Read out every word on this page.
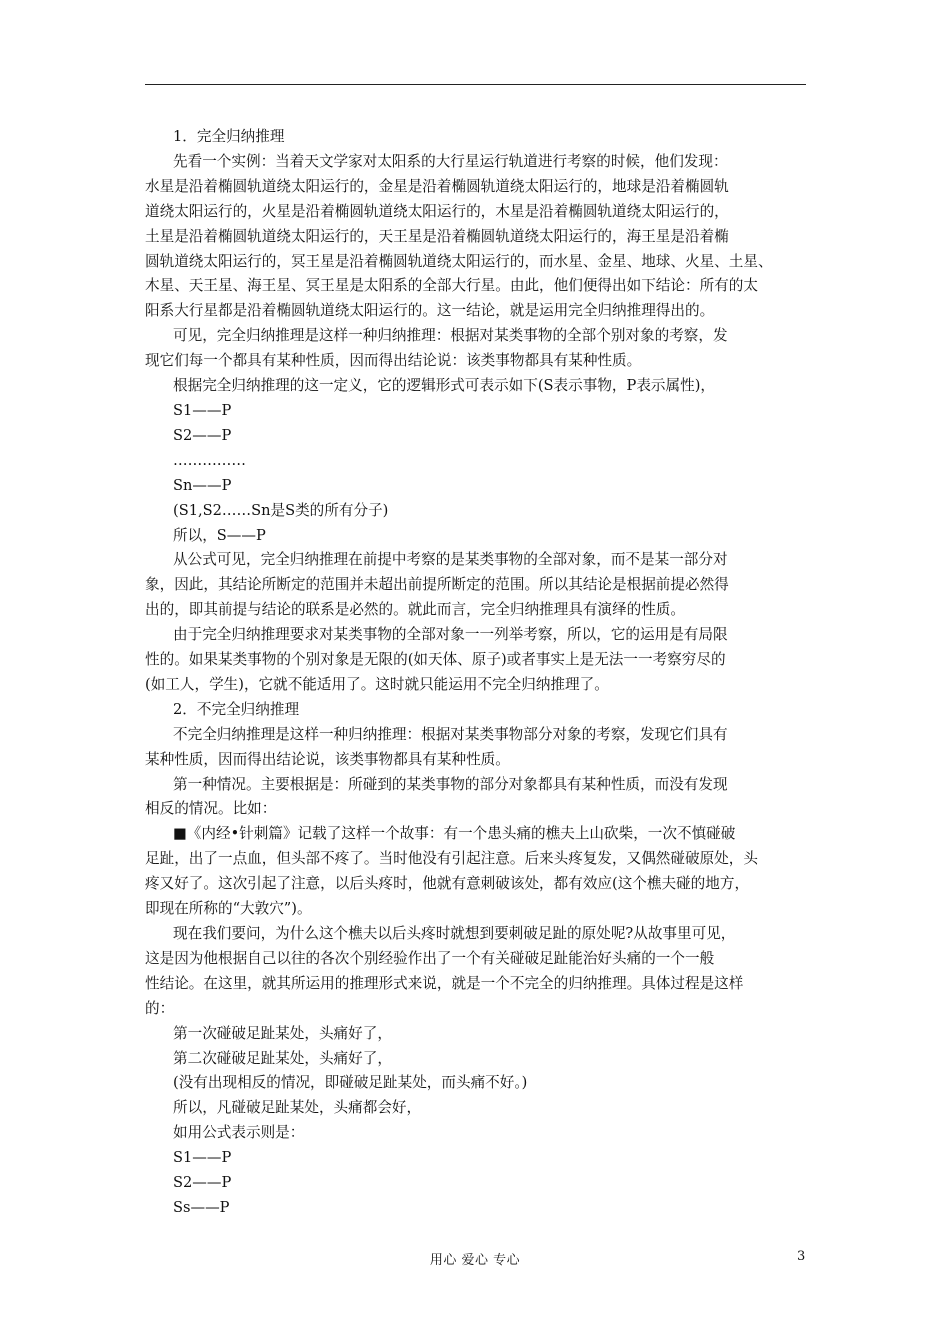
1．完全归纳推理

先看一个实例：当着天文学家对太阳系的大行星运行轨道进行考察的时候，他们发现：

水星是沿着椭圆轨道绕太阳运行的，金星是沿着椭圆轨道绕太阳运行的，地球是沿着椭圆轨

道绕太阳运行的，火星是沿着椭圆轨道绕太阳运行的，木星是沿着椭圆轨道绕太阳运行的，

土星是沿着椭圆轨道绕太阳运行的，天王星是沿着椭圆轨道绕太阳运行的，海王星是沿着椭

圆轨道绕太阳运行的，冥王星是沿着椭圆轨道绕太阳运行的，而水星、金星、地球、火星、土星、

木星、天王星、海王星、冥王星是太阳系的全部大行星。由此，他们便得出如下结论：所有的太

阳系大行星都是沿着椭圆轨道绕太阳运行的。这一结论，就是运用完全归纳推理得出的。

可见，完全归纳推理是这样一种归纳推理：根据对某类事物的全部个别对象的考察，发

现它们每一个都具有某种性质，因而得出结论说：该类事物都具有某种性质。

根据完全归纳推理的这一定义，它的逻辑形式可表示如下(S表示事物，P表示属性)，

S1——P

S2——P

……………

Sn——P

(S1,S2……Sn是S类的所有分子)

所以，S——P

从公式可见，完全归纳推理在前提中考察的是某类事物的全部对象，而不是某一部分对

象，因此，其结论所断定的范围并未超出前提所断定的范围。所以其结论是根据前提必然得

出的，即其前提与结论的联系是必然的。就此而言，完全归纳推理具有演绎的性质。

由于完全归纳推理要求对某类事物的全部对象一一列举考察，所以，它的运用是有局限

性的。如果某类事物的个别对象是无限的(如天体、原子)或者事实上是无法一一考察穷尽的

(如工人，学生)，它就不能适用了。这时就只能运用不完全归纳推理了。

2．不完全归纳推理

不完全归纳推理是这样一种归纳推理：根据对某类事物部分对象的考察，发现它们具有

某种性质，因而得出结论说，该类事物都具有某种性质。

第一种情况。主要根据是：所碰到的某类事物的部分对象都具有某种性质，而没有发现

相反的情况。比如：

■《内经•针刺篇》记载了这样一个故事：有一个患头痛的樵夫上山砍柴，一次不慎碰破

足趾，出了一点血，但头部不疼了。当时他没有引起注意。后来头疼复发，又偶然碰破原处，头

疼又好了。这次引起了注意，以后头疼时，他就有意刺破该处，都有效应(这个樵夫碰的地方，

即现在所称的“大敦穴”)。

现在我们要问，为什么这个樵夫以后头疼时就想到要刺破足趾的原处呢?从故事里可见，

这是因为他根据自己以往的各次个别经验作出了一个有关碰破足趾能治好头痛的一个一般

性结论。在这里，就其所运用的推理形式来说，就是一个不完全的归纳推理。具体过程是这样

的：

第一次碰破足趾某处，头痛好了，

第二次碰破足趾某处，头痛好了，

(没有出现相反的情况，即碰破足趾某处，而头痛不好。)

所以，凡碰破足趾某处，头痛都会好，

如用公式表示则是：

S1——P

S2——P

Ss——P

用心 爱心 专心	3
